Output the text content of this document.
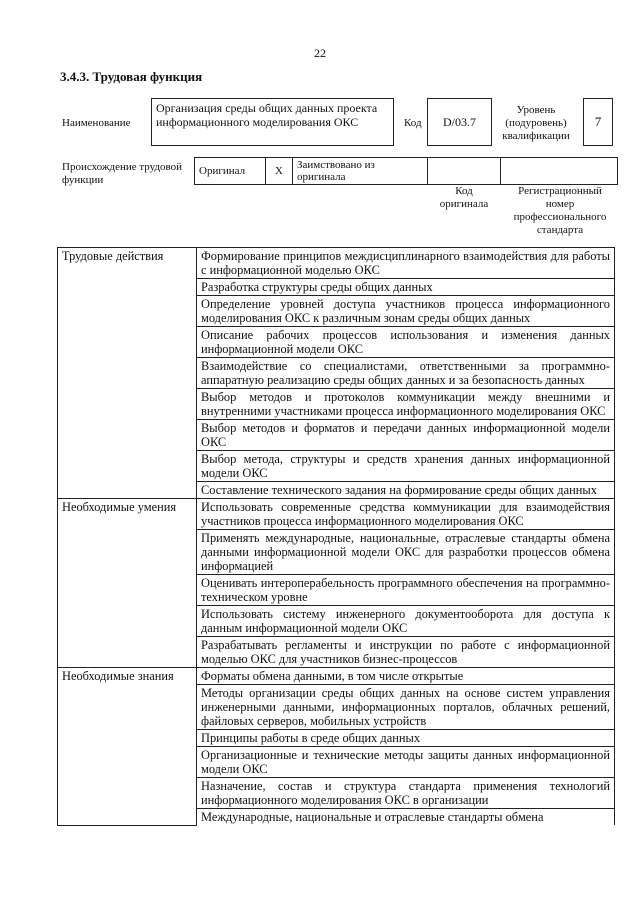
22
3.4.3. Трудовая функция
Наименование
Организация среды общих данных проекта информационного моделирования ОКС	Код	D/03.7
Уровень (подуровень) квалификации
7
Происхождение трудовой функции
Оригинал	X	Заимствовано из оригинала		
Код оригинала
Регистрационный номер профессионального стандарта
Трудовые действия	Формирование принципов междисциплинарного взаимодействия для работы с информационной моделью ОКС
	Разработка структуры среды общих данных
	Определение уровней доступа участников процесса информационного моделирования ОКС к различным зонам среды общих данных
	Описание рабочих процессов использования и изменения данных информационной модели ОКС
	Взаимодействие со специалистами, ответственными за программно-аппаратную реализацию среды общих данных и за безопасность данных
	Выбор методов и протоколов коммуникации между внешними и внутренними участниками процесса информационного моделирования ОКС
	Выбор методов и форматов и передачи данных информационной модели ОКС
	Выбор метода, структуры и средств хранения данных информационной модели ОКС
	Составление технического задания на формирование среды общих данных
Необходимые умения	Использовать современные средства коммуникации для взаимодействия участников процесса информационного моделирования ОКС
	Применять международные, национальные, отраслевые стандарты обмена данными информационной модели ОКС для разработки процессов обмена информацией
	Оценивать интероперабельность программного обеспечения на программно-техническом уровне
	Использовать систему инженерного документооборота для доступа к данным информационной модели ОКС
	Разрабатывать регламенты и инструкции по работе с информационной моделью ОКС для участников бизнес-процессов
Необходимые знания	Форматы обмена данными, в том числе открытые
	Методы организации среды общих данных на основе систем управления инженерными данными, информационных порталов, облачных решений, файловых серверов, мобильных устройств
	Принципы работы в среде общих данных
	Организационные и технические методы защиты данных информационной модели ОКС
	Назначение, состав и структура стандарта применения технологий информационного моделирования ОКС в организации
	Международные, национальные и отраслевые стандарты обмена
